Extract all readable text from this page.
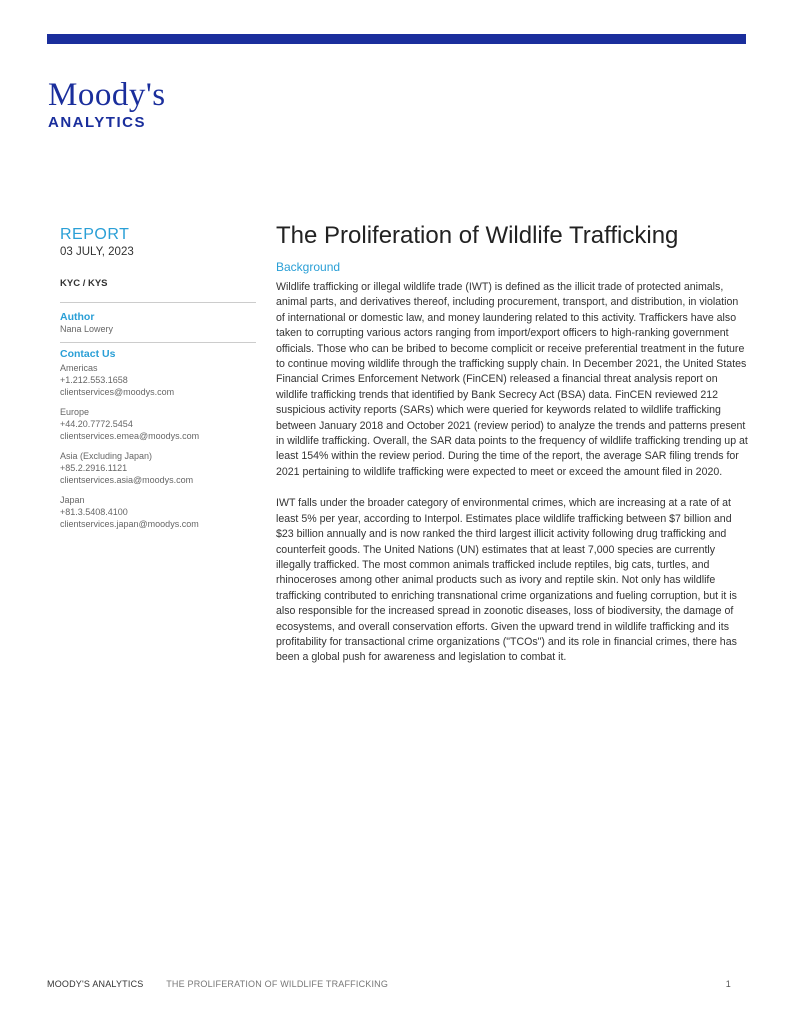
Moody's
ANALYTICS
REPORT
03 JULY, 2023
KYC / KYS
Author
Nana Lowery
Contact Us
Americas
+1.212.553.1658
clientservices@moodys.com
Europe
+44.20.7772.5454
clientservices.emea@moodys.com
Asia (Excluding Japan)
+85.2.2916.1121
clientservices.asia@moodys.com
Japan
+81.3.5408.4100
clientservices.japan@moodys.com
The Proliferation of Wildlife Trafficking
Background

Wildlife trafficking or illegal wildlife trade (IWT) is defined as the illicit trade of protected animals, animal parts, and derivatives thereof, including procurement, transport, and distribution, in violation of international or domestic law, and money laundering related to this activity. Traffickers have also taken to corrupting various actors ranging from import/export officers to high-ranking government officials. Those who can be bribed to become complicit or receive preferential treatment in the future to continue moving wildlife through the trafficking supply chain. In December 2021, the United States Financial Crimes Enforcement Network (FinCEN) released a financial threat analysis report on wildlife trafficking trends that identified by Bank Secrecy Act (BSA) data. FinCEN reviewed 212 suspicious activity reports (SARs) which were queried for keywords related to wildlife trafficking between January 2018 and October 2021 (review period) to analyze the trends and patterns present in wildlife trafficking. Overall, the SAR data points to the frequency of wildlife trafficking trending up at least 154% within the review period. During the time of the report, the average SAR filing trends for 2021 pertaining to wildlife trafficking were expected to meet or exceed the amount filed in 2020.

IWT falls under the broader category of environmental crimes, which are increasing at a rate of at least 5% per year, according to Interpol. Estimates place wildlife trafficking between $7 billion and $23 billion annually and is now ranked the third largest illicit activity following drug trafficking and counterfeit goods. The United Nations (UN) estimates that at least 7,000 species are currently illegally trafficked. The most common animals trafficked include reptiles, big cats, turtles, and rhinoceroses among other animal products such as ivory and reptile skin. Not only has wildlife trafficking contributed to enriching transnational crime organizations and fueling corruption, but it is also responsible for the increased spread in zoonotic diseases, loss of biodiversity, the damage of ecosystems, and overall conservation efforts. Given the upward trend in wildlife trafficking and its profitability for transactional crime organizations ("TCOs") and its role in financial crimes, there has been a global push for awareness and legislation to combat it.

MOODY'S ANALYTICS	THE PROLIFERATION OF WILDLIFE TRAFFICKING	1
